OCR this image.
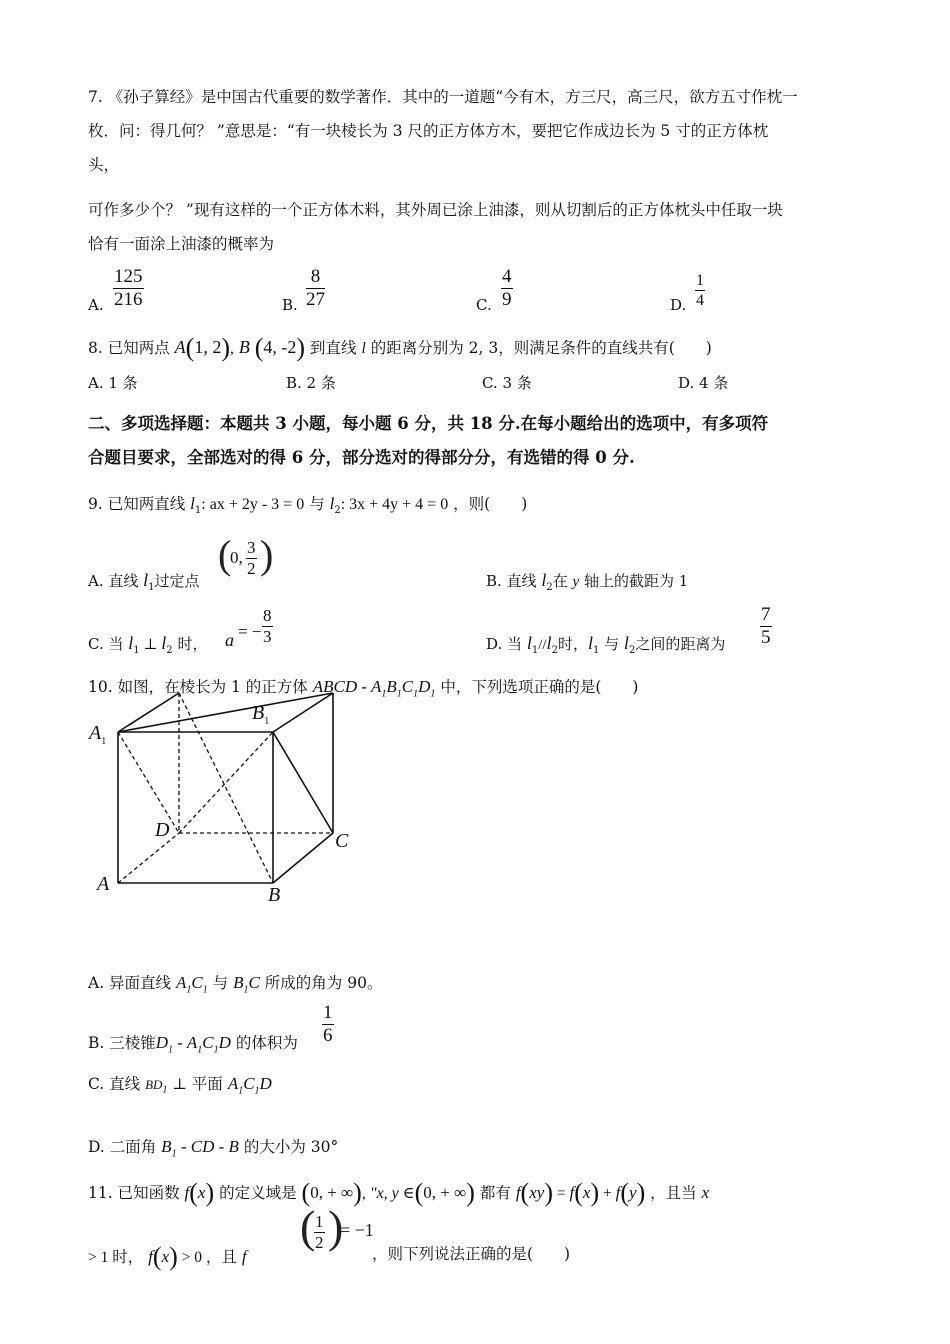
7. 《孙子算经》是中国古代重要的数学著作．其中的一道题“今有木，方三尺，高三尺，欲方五寸作枕一
枚．问：得几何？ ”意思是：“有一块棱长为 3 尺的正方体方木，要把它作成边长为 5 寸的正方体枕
头，
可作多少个？ ”现有这样的一个正方体木料，其外周已涂上油漆，则从切割后的正方体枕头中任取一块
恰有一面涂上油漆的概率为
A. $\frac{125}{216}$	B. $\frac{8}{27}$	C. $\frac{4}{9}$	D. $\frac{1}{4}$
8. 已知两点 A(1, 2), B (4, -2) 到直线 l 的距离分别为 2, 3，则满足条件的直线共有(　　)
A. 1 条	B. 2 条	C. 3 条	D. 4 条
二、多项选择题：本题共 3 小题，每小题 6 分，共 18 分.在每小题给出的选项中，有多项符
合题目要求，全部选对的得 6 分，部分选对的得部分分，有选错的得 0 分.
9. 已知两直线 $l_1$: ax + 2y - 3 = 0 与 $l_2$: 3x + 4y + 4 = 0 ，则(　　)
A. 直线 $l_1$过定点
(
0, $\frac{3}{2}$ )
B. 直线 $l_2$在 y 轴上的截距为 1
C. 当 $l_1$ ⊥ $l_2$ 时， a = − $\frac{8}{3}$	D. 当 $l_1//l_2$时，$l_1$ 与 $l_2$之间的距离为 $\frac{7}{5}$
10. 如图，在棱长为 1 的正方体 ABCD - $A_1B_1C_1D_1$ 中，下列选项正确的是(　　)
$A_1$
$B_1$
D	C
A	B
A. 异面直线 $A_1C_1$ 与 $B_1C$ 所成的角为 90。
B. 三棱锥$D_1 - A_1C_1D$ 的体积为 $\frac{1}{6}$
C. 直线 $BD_1$ ⊥ 平面 $A_1C_1D$
D. 二面角 $B_1$ - CD - B 的大小为 30°
11. 已知函数 f(x) 的定义域是 (0, + ∞), "x, y ∈(0, + ∞) 都有 f(xy) = f(x) + f(y) ，且当 x
> 1 时， f(x) > 0 ，且 f
(
$\frac{1}{2}$ )
= −1
，则下列说法正确的是(　　)
